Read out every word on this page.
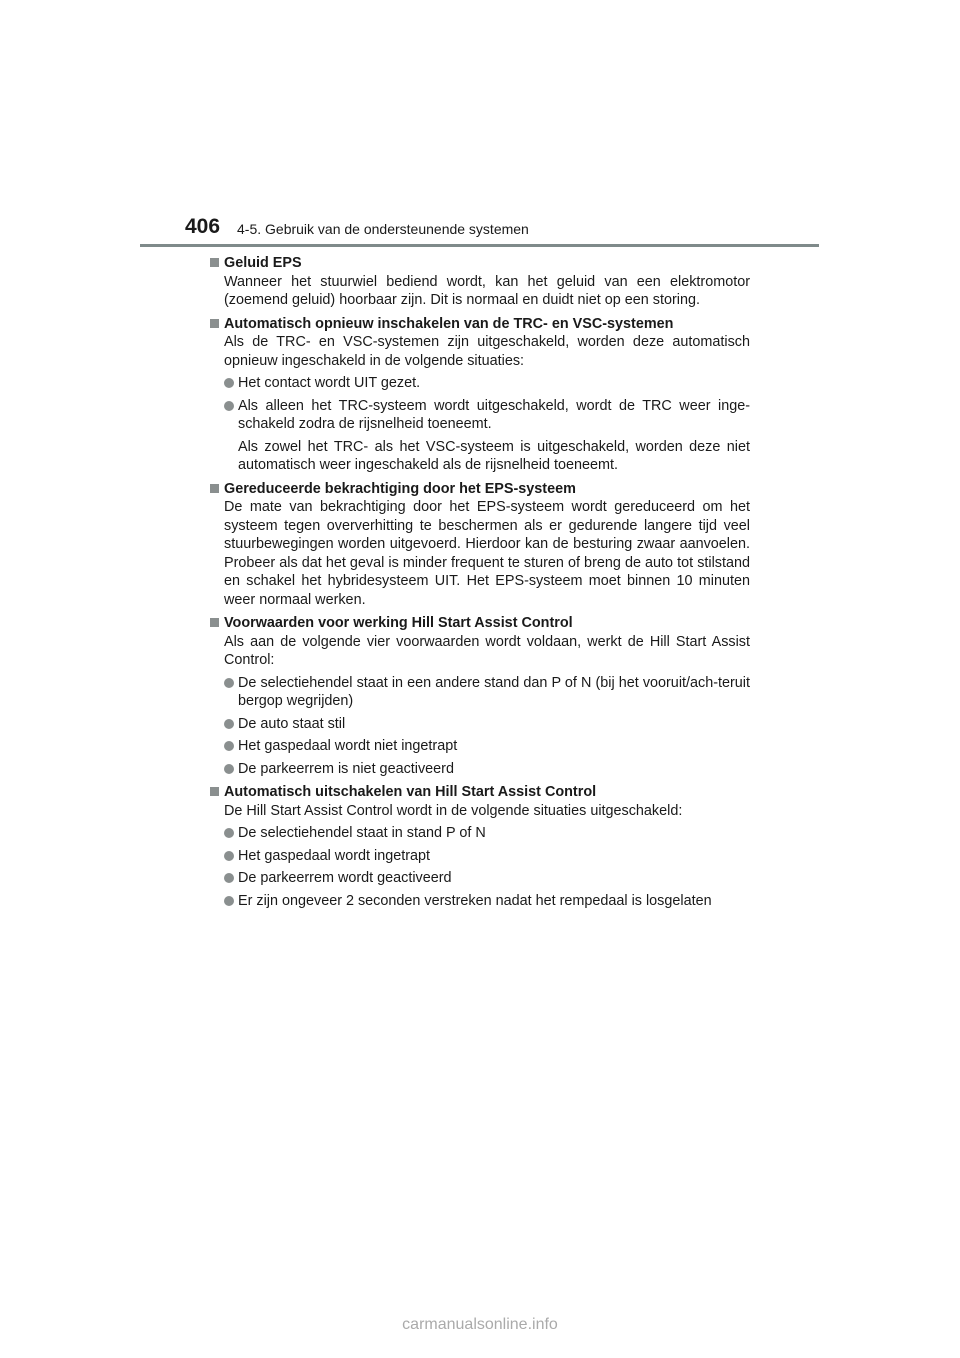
406 4-5. Gebruik van de ondersteunende systemen
Geluid EPS
Wanneer het stuurwiel bediend wordt, kan het geluid van een elektromotor (zoemend geluid) hoorbaar zijn. Dit is normaal en duidt niet op een storing.
Automatisch opnieuw inschakelen van de TRC- en VSC-systemen
Als de TRC- en VSC-systemen zijn uitgeschakeld, worden deze automatisch opnieuw ingeschakeld in de volgende situaties:
Het contact wordt UIT gezet.
Als alleen het TRC-systeem wordt uitgeschakeld, wordt de TRC weer inge-schakeld zodra de rijsnelheid toeneemt.
Als zowel het TRC- als het VSC-systeem is uitgeschakeld, worden deze niet automatisch weer ingeschakeld als de rijsnelheid toeneemt.
Gereduceerde bekrachtiging door het EPS-systeem
De mate van bekrachtiging door het EPS-systeem wordt gereduceerd om het systeem tegen oververhitting te beschermen als er gedurende langere tijd veel stuurbewegingen worden uitgevoerd. Hierdoor kan de besturing zwaar aanvoelen. Probeer als dat het geval is minder frequent te sturen of breng de auto tot stilstand en schakel het hybridesysteem UIT. Het EPS-systeem moet binnen 10 minuten weer normaal werken.
Voorwaarden voor werking Hill Start Assist Control
Als aan de volgende vier voorwaarden wordt voldaan, werkt de Hill Start Assist Control:
De selectiehendel staat in een andere stand dan P of N (bij het vooruit/ach-teruit bergop wegrijden)
De auto staat stil
Het gaspedaal wordt niet ingetrapt
De parkeerrem is niet geactiveerd
Automatisch uitschakelen van Hill Start Assist Control
De Hill Start Assist Control wordt in de volgende situaties uitgeschakeld:
De selectiehendel staat in stand P of N
Het gaspedaal wordt ingetrapt
De parkeerrem wordt geactiveerd
Er zijn ongeveer 2 seconden verstreken nadat het rempedaal is losgelaten
carmanualsonline.info
